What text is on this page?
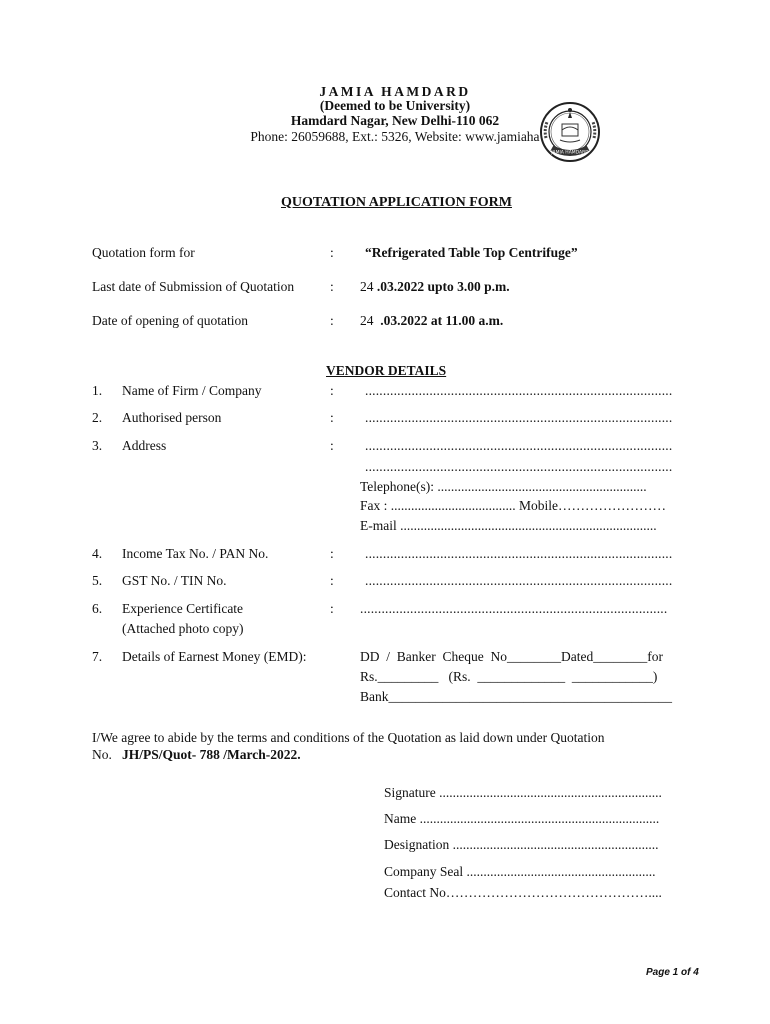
JAMIA HAMDARD
(Deemed to be University)
Hamdard Nagar, New Delhi-110 062
Phone: 26059688, Ext.: 5326, Website: www.jamiaha
JAMIA HAMDARD
QUOTATION APPLICATION FORM
Quotation form for	: “Refrigerated Table Top Centrifuge”
Last date of Submission of Quotation	: 24 .03.2022 upto 3.00 p.m.
Date of opening of quotation	: 24  .03.2022 at 11.00 a.m.
VENDOR DETAILS
1. Name of Firm / Company	: ......................................................................................
2. Authorised person	: ......................................................................................
3. Address	: ......................................................................................
......................................................................................
Telephone(s): ..............................................................
Fax : ..................................... Mobile……………………
E-mail ............................................................................
4. Income Tax No. / PAN No.	: ......................................................................................
5. GST No. / TIN No.	: ......................................................................................
6. Experience Certificate
(Attached photo copy)
: ......................................................................................
7. Details of Earnest Money (EMD):	DD  /  Banker  Cheque  No________Dated________for
Rs._________   (Rs.  _____________  ____________)
Bank__________________________________________
I/We agree to abide by the terms and conditions of the Quotation as laid down under Quotation
No.   JH/PS/Quot- 788 /March-2022.
Signature ..................................................................
Name .......................................................................
Designation .............................................................
Company Seal ........................................................
Contact No………………………………………....
Page 1 of 4
